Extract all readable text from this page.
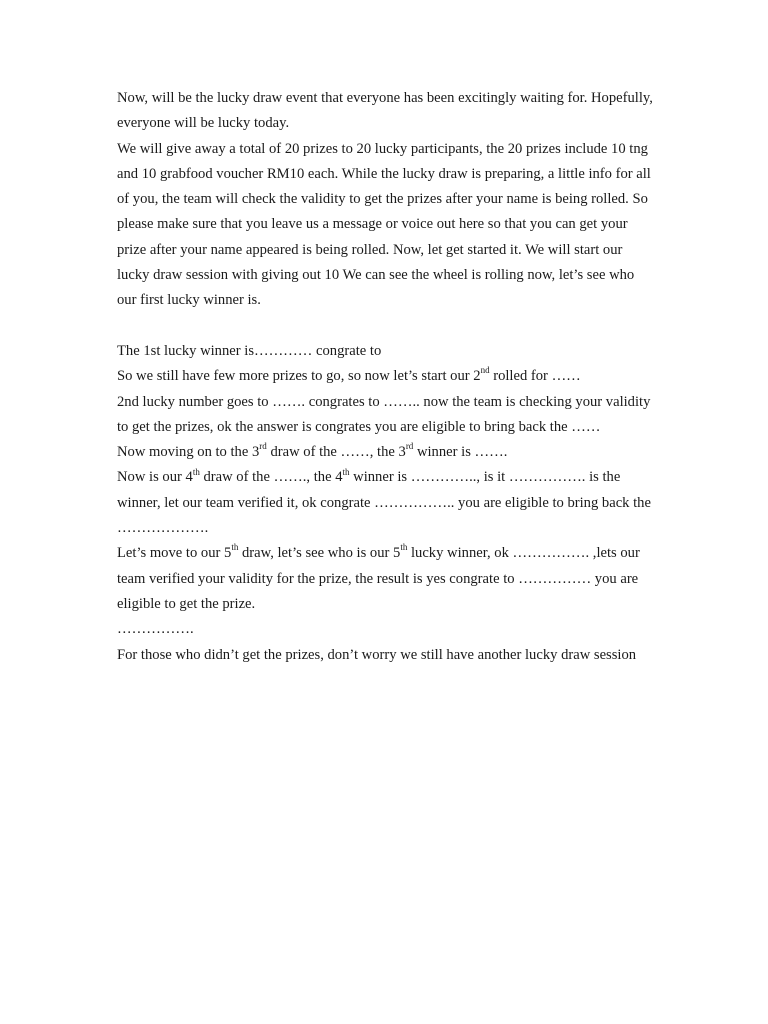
Now, will be the lucky draw event that everyone has been excitingly waiting for. Hopefully, everyone will be lucky today.

We will give away a total of 20 prizes to 20 lucky participants, the 20 prizes include 10 tng and 10 grabfood voucher RM10 each. While the lucky draw is preparing, a little info for all of you, the team will check the validity to get the prizes after your name is being rolled. So please make sure that you leave us a message or voice out here so that you can get your prize after your name appeared is being rolled. Now, let get started it. We will start our lucky draw session with giving out 10 We can see the wheel is rolling now, let’s see who our first lucky winner is.

The 1st lucky winner is………… congrate to

So we still have few more prizes to go, so now let’s start our 2nd rolled for ……

2nd lucky number goes to ……. congrates to …….. now the team is checking your validity to get the prizes, ok the answer is congrates you are eligible to bring back the ……

Now moving on to the 3rd draw of the ……, the 3rd winner is …….

Now is our 4th draw of the ……., the 4th winner is ………….., is it ……………. is the winner, let our team verified it, ok congrate …………….. you are eligible to bring back the ……………….

Let’s move to our 5th draw, let’s see who is our 5th lucky winner, ok ……………. ,lets our team verified your validity for the prize, the result is yes congrate to …………… you are eligible to get the prize.

…………….

For those who didn’t get the prizes, don’t worry we still have another lucky draw session
